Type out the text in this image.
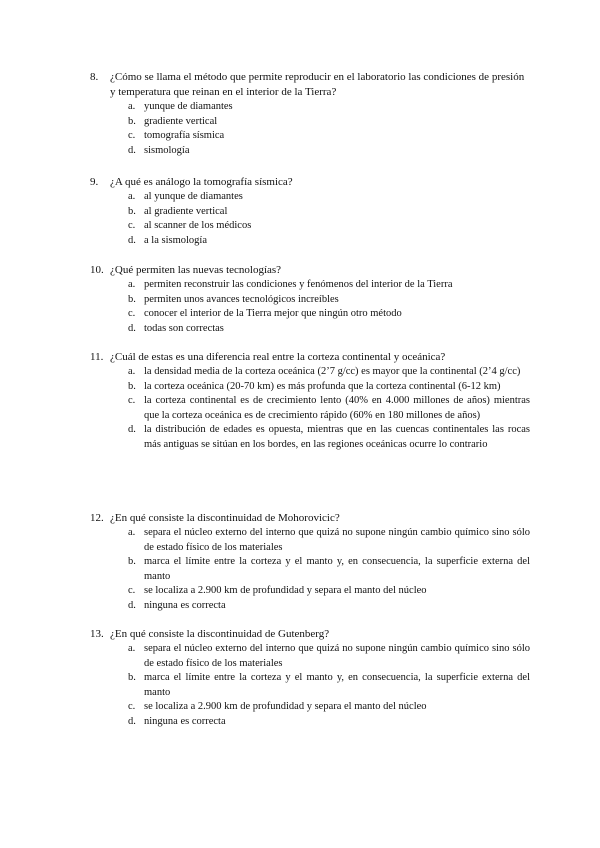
8.	¿Cómo se llama el método que permite reproducir en el laboratorio las condiciones de presión y temperatura que reinan en el interior de la Tierra?
a. yunque de diamantes
b. gradiente vertical
c. tomografía sísmica
d. sismología
9.	¿A qué es análogo la tomografía sísmica?
a. al yunque de diamantes
b. al gradiente vertical
c. al scanner de los médicos
d. a la sismología
10. ¿Qué permiten las nuevas tecnologías?
a. permiten reconstruir las condiciones y fenómenos del interior de la Tierra
b. permiten unos avances tecnológicos increíbles
c. conocer el interior de la Tierra mejor que ningún otro método
d. todas son correctas
11. ¿Cuál de estas es una diferencia real entre la corteza continental y oceánica?
a. la densidad media de la corteza oceánica (2’7 g/cc) es mayor que la continental (2’4 g/cc)
b. la corteza oceánica (20-70 km) es más profunda que la corteza continental (6-12 km)
c. la corteza continental es de crecimiento lento (40% en 4.000 millones de años) mientras que la corteza oceánica es de crecimiento rápido (60% en 180 millones de años)
d. la distribución de edades es opuesta, mientras que en las cuencas continentales las rocas más antiguas se sitúan en los bordes, en las regiones oceánicas ocurre lo contrario
12. ¿En qué consiste la discontinuidad de Mohorovicic?
a. separa el núcleo externo del interno que quizá no supone ningún cambio químico sino sólo de estado físico de los materiales
b. marca el límite entre la corteza y el manto y, en consecuencia, la superficie externa del manto
c. se localiza a 2.900 km de profundidad y separa el manto del núcleo
d. ninguna es correcta
13. ¿En qué consiste la discontinuidad de Gutenberg?
a. separa el núcleo externo del interno que quizá no supone ningún cambio químico sino sólo de estado físico de los materiales
b. marca el límite entre la corteza y el manto y, en consecuencia, la superficie externa del manto
c. se localiza a 2.900 km de profundidad y separa el manto del núcleo
d. ninguna es correcta
